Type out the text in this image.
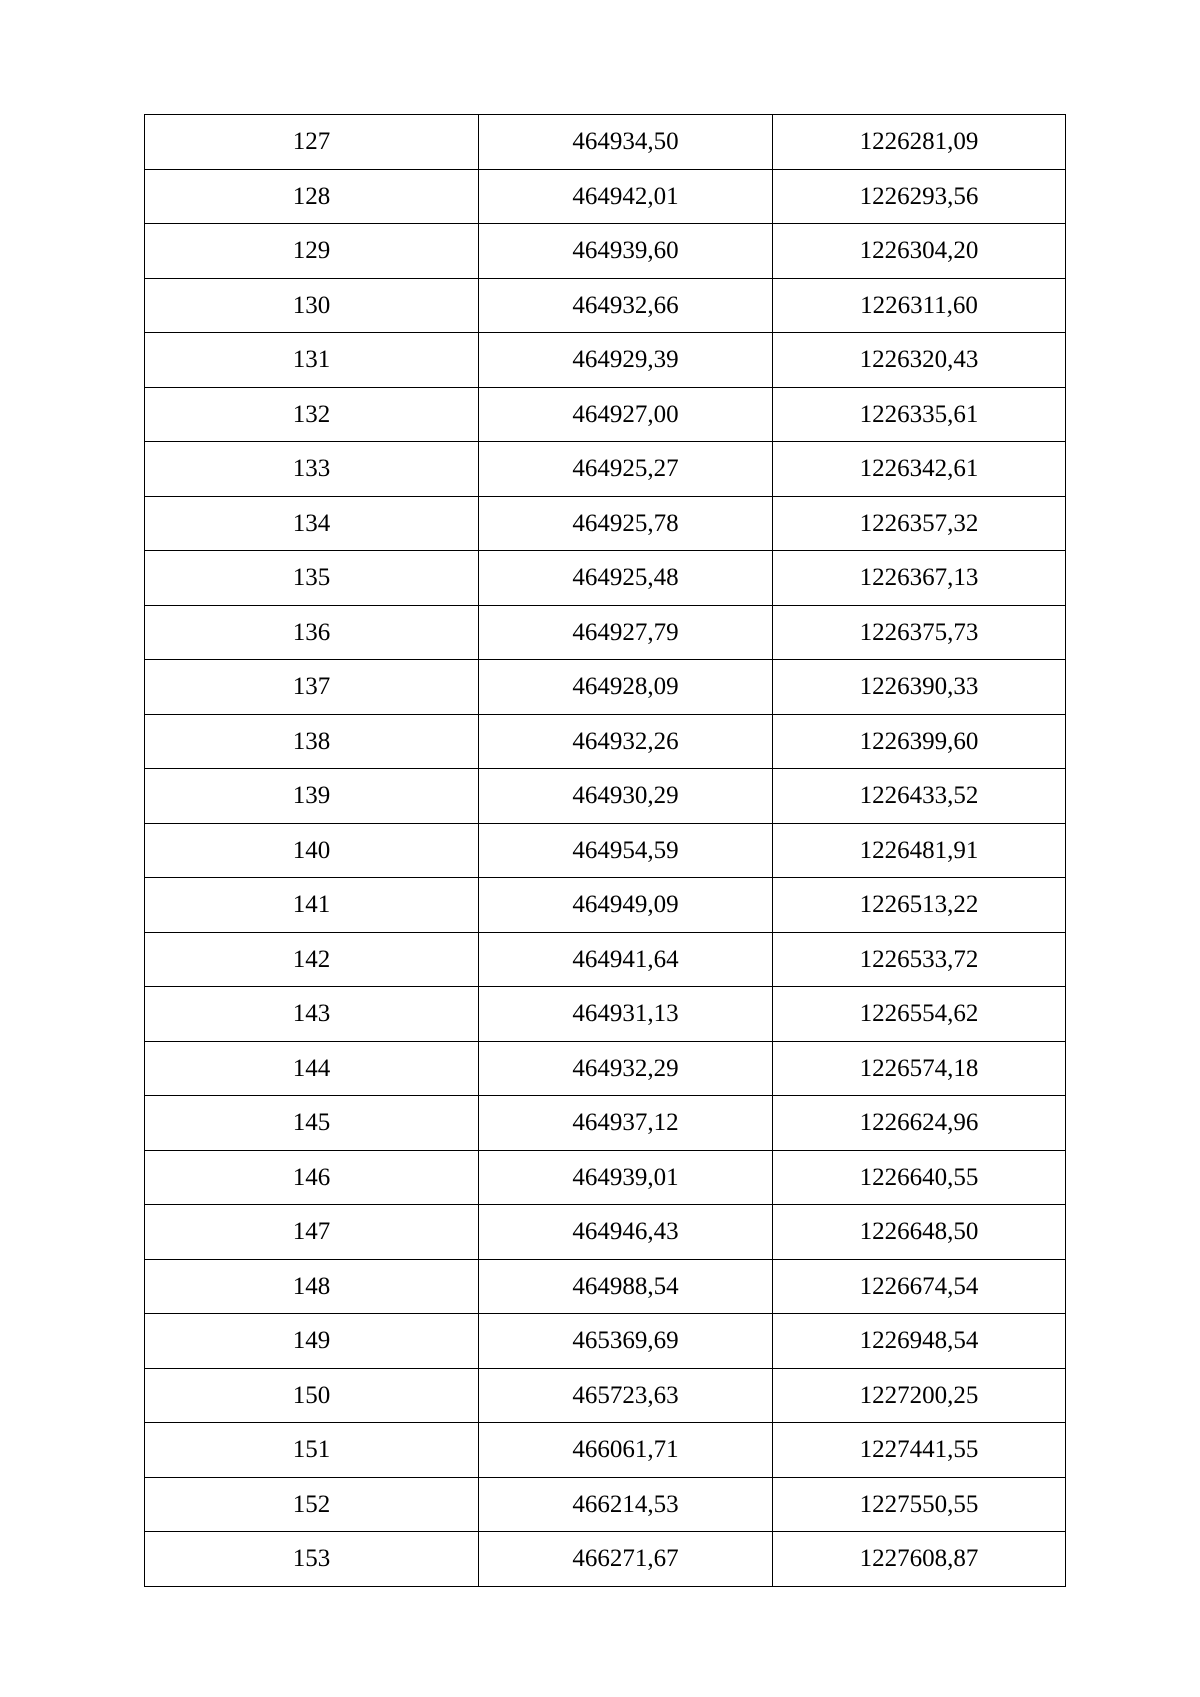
127	464934,50	1226281,09
128	464942,01	1226293,56
129	464939,60	1226304,20
130	464932,66	1226311,60
131	464929,39	1226320,43
132	464927,00	1226335,61
133	464925,27	1226342,61
134	464925,78	1226357,32
135	464925,48	1226367,13
136	464927,79	1226375,73
137	464928,09	1226390,33
138	464932,26	1226399,60
139	464930,29	1226433,52
140	464954,59	1226481,91
141	464949,09	1226513,22
142	464941,64	1226533,72
143	464931,13	1226554,62
144	464932,29	1226574,18
145	464937,12	1226624,96
146	464939,01	1226640,55
147	464946,43	1226648,50
148	464988,54	1226674,54
149	465369,69	1226948,54
150	465723,63	1227200,25
151	466061,71	1227441,55
152	466214,53	1227550,55
153	466271,67	1227608,87
